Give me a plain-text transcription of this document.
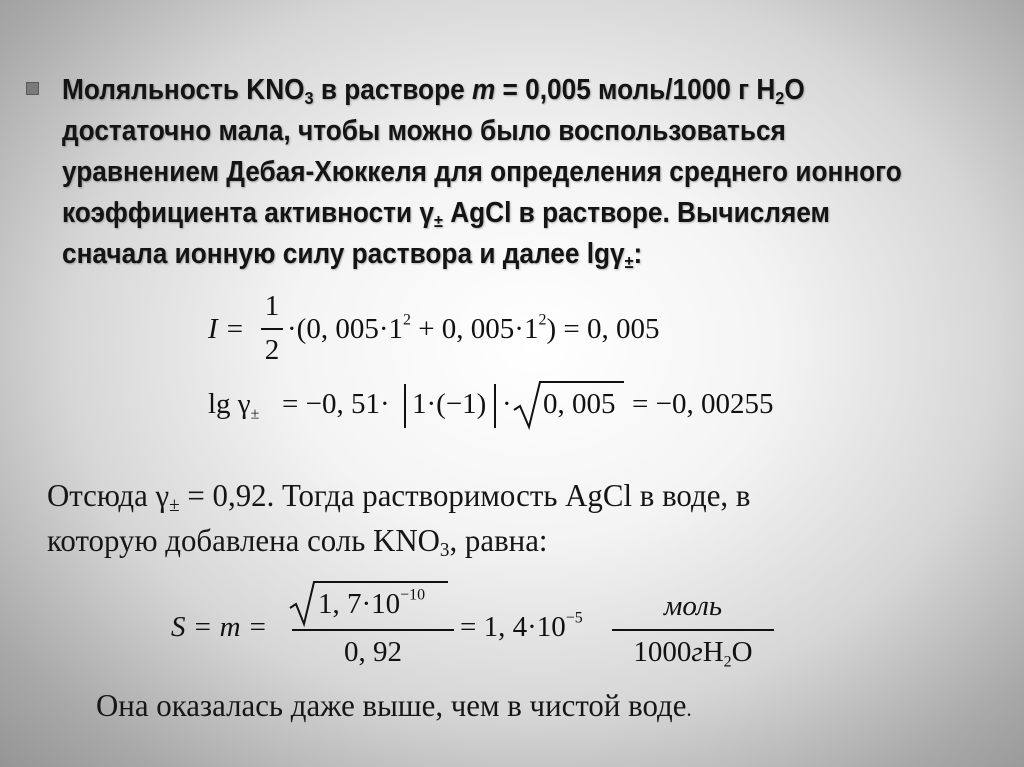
Моляльность $KNO_3$ в растворе m = 0,005 моль/1000 г $H_2O$
достаточно мала, чтобы можно было воспользоваться
уравнением Дебая-Хюккеля для определения среднего ионного
коэффициента активности $\gamma_\pm$ AgCl в растворе. Вычисляем
сначала ионную силу раствора и далее lgγ$_\pm$:
I =
1
2
·(0, $005\cdot 1^2 + 0$, $005\cdot 1^2) = 0$, 005
$\lg \gamma_\pm = -0$, 51· 1·(−1) · 0, 005 = −0, 00255
Отсюда $\gamma_\pm = 0,92$. Тогда растворимость AgCl в воде, в
которую добавлена соль $KNO_3$, равна:
S = m =
1, $7\cdot 10^{-10}$
0, 92
= 1, $4\cdot 10^{-5}$	моль
$1000гH_2O$
Она оказалась даже выше, чем в чистой воде.
